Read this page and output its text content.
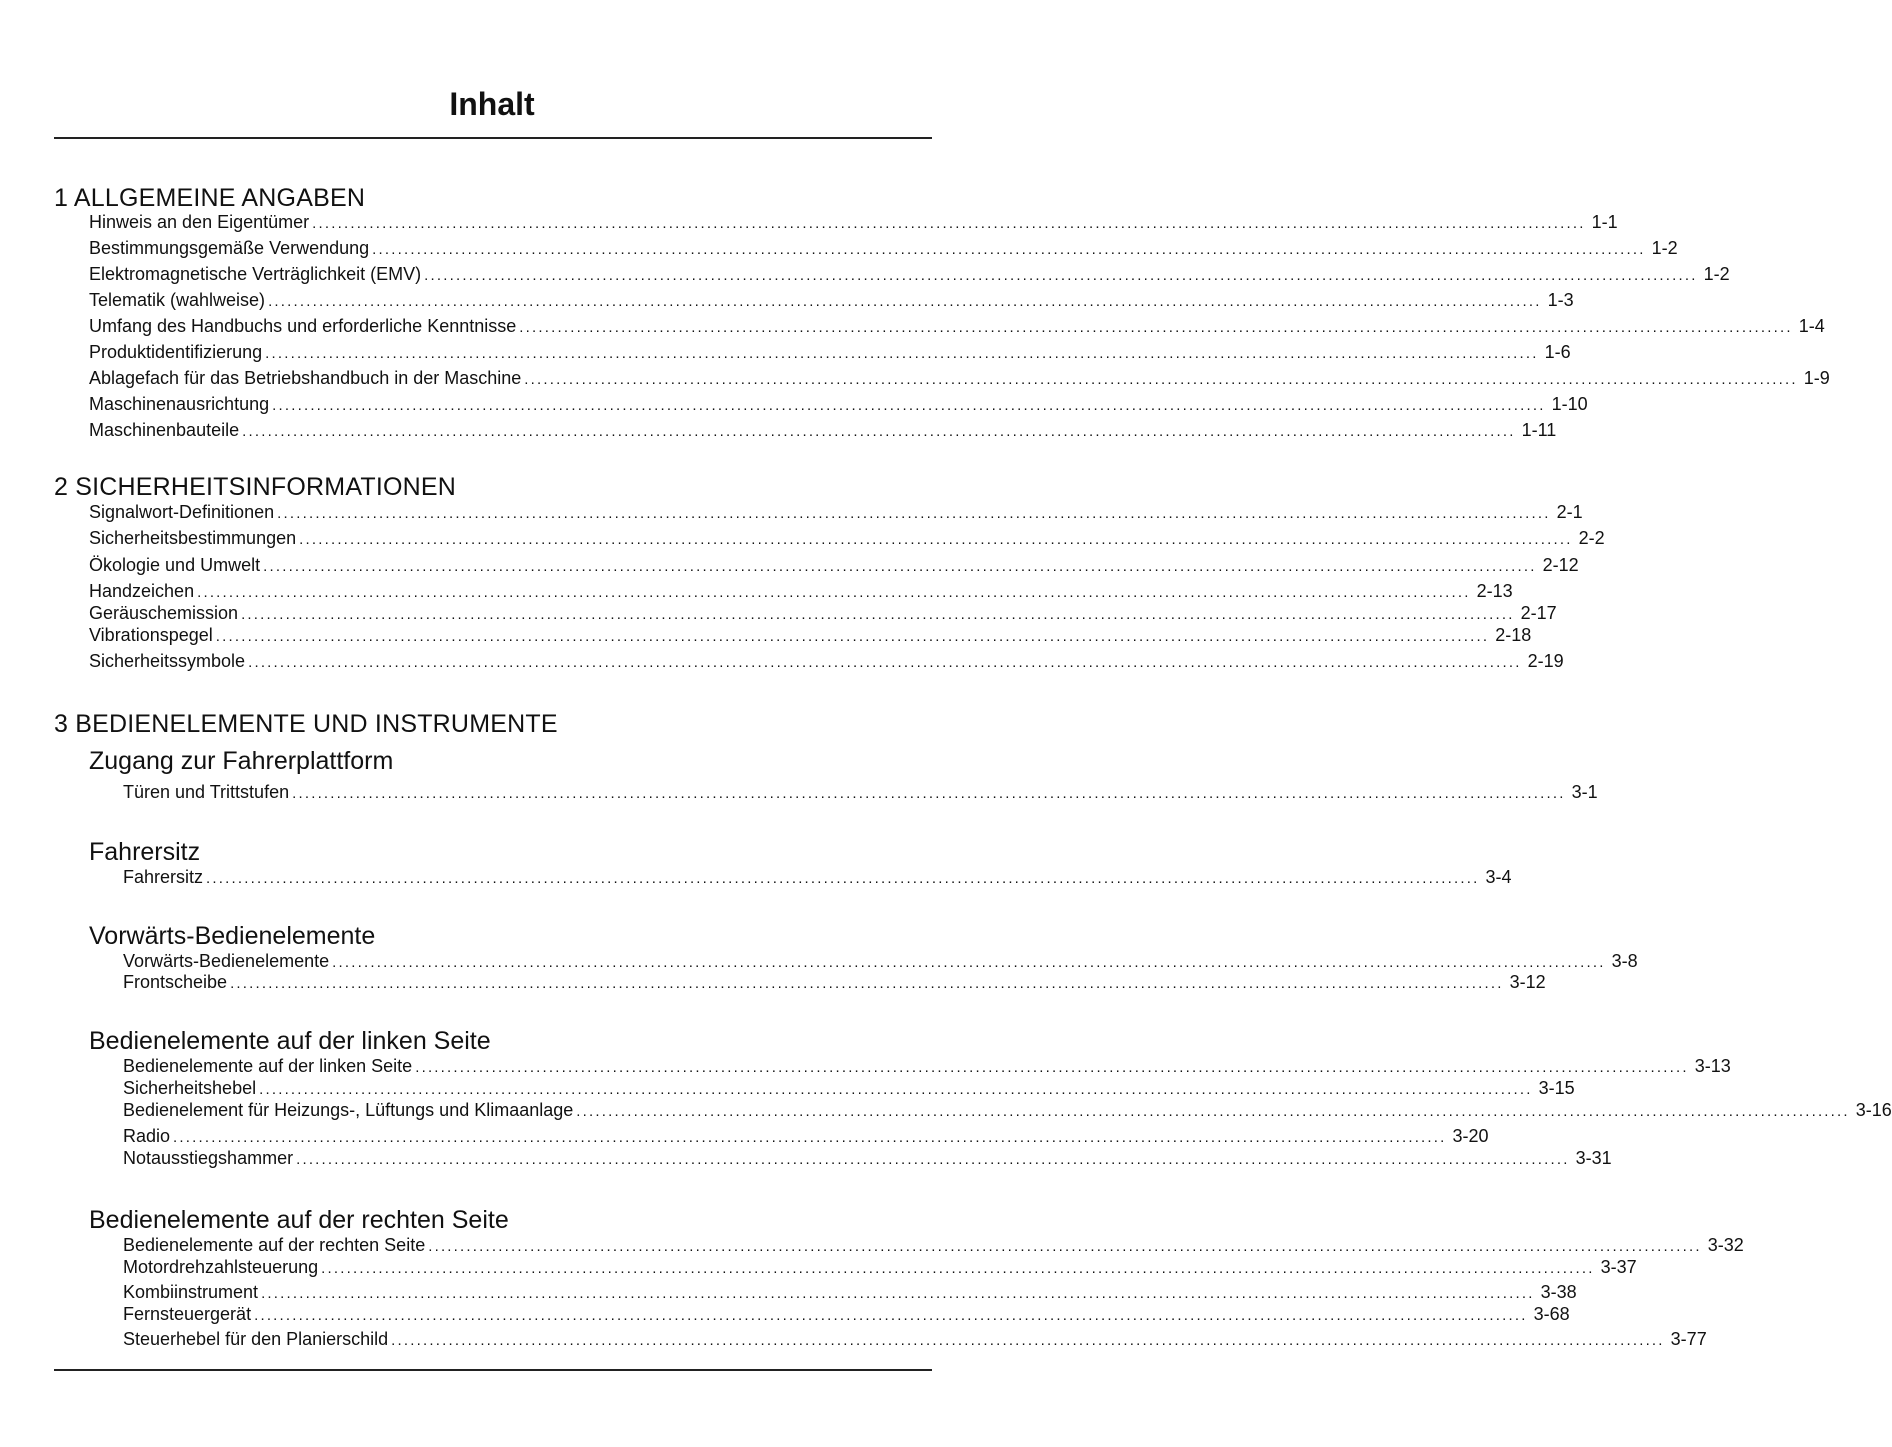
Inhalt
1 ALLGEMEINE ANGABEN
Hinweis an den Eigentümer ........................................................................................................................................................................................................ 1-1
Bestimmungsgemäße Verwendung ........................................................................................................................................................................................................ 1-2
Elektromagnetische Verträglichkeit (EMV) ........................................................................................................................................................................................................ 1-2
Telematik (wahlweise) ........................................................................................................................................................................................................ 1-3
Umfang des Handbuchs und erforderliche Kenntnisse ........................................................................................................................................................................................................ 1-4
Produktidentifizierung ........................................................................................................................................................................................................ 1-6
Ablagefach für das Betriebshandbuch in der Maschine ........................................................................................................................................................................................................ 1-9
Maschinenausrichtung ........................................................................................................................................................................................................ 1-10
Maschinenbauteile ........................................................................................................................................................................................................ 1-11
2 SICHERHEITSINFORMATIONEN
Signalwort-Definitionen ........................................................................................................................................................................................................ 2-1
Sicherheitsbestimmungen ........................................................................................................................................................................................................ 2-2
Ökologie und Umwelt ........................................................................................................................................................................................................ 2-12
Handzeichen ........................................................................................................................................................................................................ 2-13
Geräuschemission ........................................................................................................................................................................................................ 2-17
Vibrationspegel ........................................................................................................................................................................................................ 2-18
Sicherheitssymbole ........................................................................................................................................................................................................ 2-19
3 BEDIENELEMENTE UND INSTRUMENTE
Zugang zur Fahrerplattform
Türen und Trittstufen ........................................................................................................................................................................................................ 3-1
Fahrersitz
Fahrersitz ........................................................................................................................................................................................................ 3-4
Vorwärts-Bedienelemente
Vorwärts-Bedienelemente ........................................................................................................................................................................................................ 3-8
Frontscheibe ........................................................................................................................................................................................................ 3-12
Bedienelemente auf der linken Seite
Bedienelemente auf der linken Seite ........................................................................................................................................................................................................ 3-13
Sicherheitshebel ........................................................................................................................................................................................................ 3-15
Bedienelement für Heizungs-, Lüftungs und Klimaanlage ........................................................................................................................................................................................................ 3-16
Radio ........................................................................................................................................................................................................ 3-20
Notausstiegshammer ........................................................................................................................................................................................................ 3-31
Bedienelemente auf der rechten Seite
Bedienelemente auf der rechten Seite ........................................................................................................................................................................................................ 3-32
Motordrehzahlsteuerung ........................................................................................................................................................................................................ 3-37
Kombiinstrument ........................................................................................................................................................................................................ 3-38
Fernsteuergerät ........................................................................................................................................................................................................ 3-68
Steuerhebel für den Planierschild ........................................................................................................................................................................................................ 3-77
